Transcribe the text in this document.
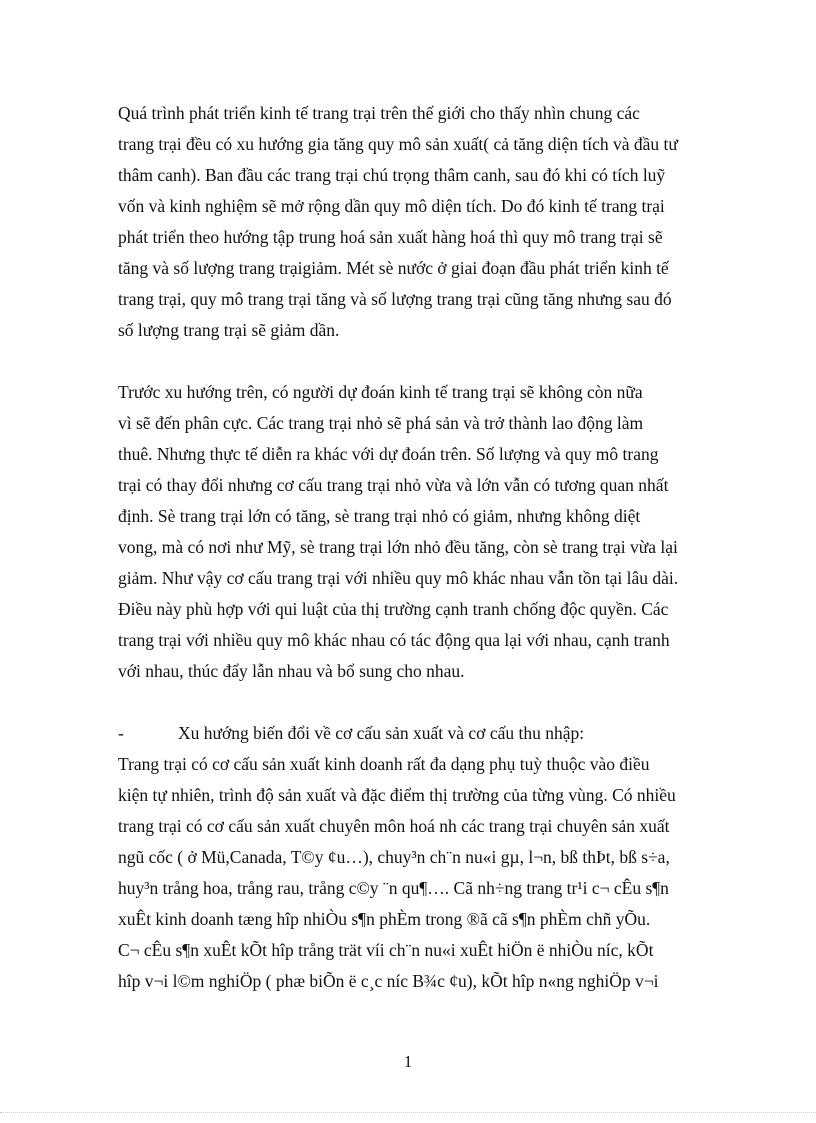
Quá trình phát triển kinh tế trang trại trên thế giới cho thấy nhìn chung các
trang trại đều có xu hướng gia tăng quy mô sản xuất( cả tăng diện tích và đầu tư
thâm canh). Ban đầu các trang trại chú trọng thâm canh, sau đó khi có tích luỹ
vốn và kinh nghiệm sẽ mở rộng dần quy mô diện tích. Do đó kinh tế trang trại
phát triển theo hướng tập trung hoá sản xuất hàng hoá thì quy mô trang trại sẽ
tăng và số lượng trang trạigiảm. Mét sè nước ở giai đoạn đầu phát triển kinh tế
trang trại, quy mô trang trại tăng và số lượng trang trại cũng tăng nhưng sau đó
số lượng trang trại sẽ giảm dần.
Trước xu hướng trên, có người dự đoán kinh tế trang trại sẽ không còn nữa
vì sẽ đến phân cực. Các trang trại nhỏ sẽ phá sản và trở thành lao động làm
thuê. Nhưng thực tế diễn ra khác với dự đoán trên. Số lượng và quy mô trang
trại có thay đổi nhưng cơ cấu trang trại nhỏ vừa và lớn vẫn có tương quan nhất
định. Sè trang trại lớn có tăng, sè trang trại nhỏ có giảm, nhưng không diệt
vong, mà có nơi như Mỹ, sè trang trại lớn nhỏ đều tăng, còn sè trang trại vừa lại
giảm. Như vậy cơ cấu trang trại với nhiều quy mô khác nhau vẫn tồn tại lâu dài.
Điều này phù hợp với qui luật của thị trường cạnh tranh chống độc quyền. Các
trang trại với nhiều quy mô khác nhau có tác động qua lại với nhau, cạnh tranh
với nhau, thúc đẩy lẫn nhau và bổ sung cho nhau.
-	Xu hướng biến đổi về cơ cấu sản xuất và cơ cấu thu nhập:
Trang trại có cơ cấu sản xuất kinh doanh rất đa dạng phụ tuỳ thuộc vào điều
kiện tự nhiên, trình độ sản xuất và đặc điểm thị trường của từng vùng. Có nhiều
trang trại có cơ cấu sản xuất chuyên môn hoá nh các trang trại chuyên sản xuất
ngũ cốc ( ở Mü,Canada, T©y ¢u…), chuy³n ch¨n nu«i gµ, l¬n, bß thÞt, bß s÷a,
huy³n trång hoa, trång rau, trång c©y ¨n qu¶…. Cã nh÷ng trang tr¹i c¬ cÊu s¶n
xuÊt kinh doanh tæng hîp nhiÒu s¶n phÈm trong ®ã cã s¶n phÈm chñ yÕu.
C¬ cÊu s¶n xuÊt kÕt hîp trång trät víi ch¨n nu«i xuÊt hiÖn ë nhiÒu níc, kÕt
hîp v¬i l©m nghiÖp ( phæ biÕn ë c¸c níc B¾c ¢u), kÕt hîp n«ng nghiÖp v¬i
1
